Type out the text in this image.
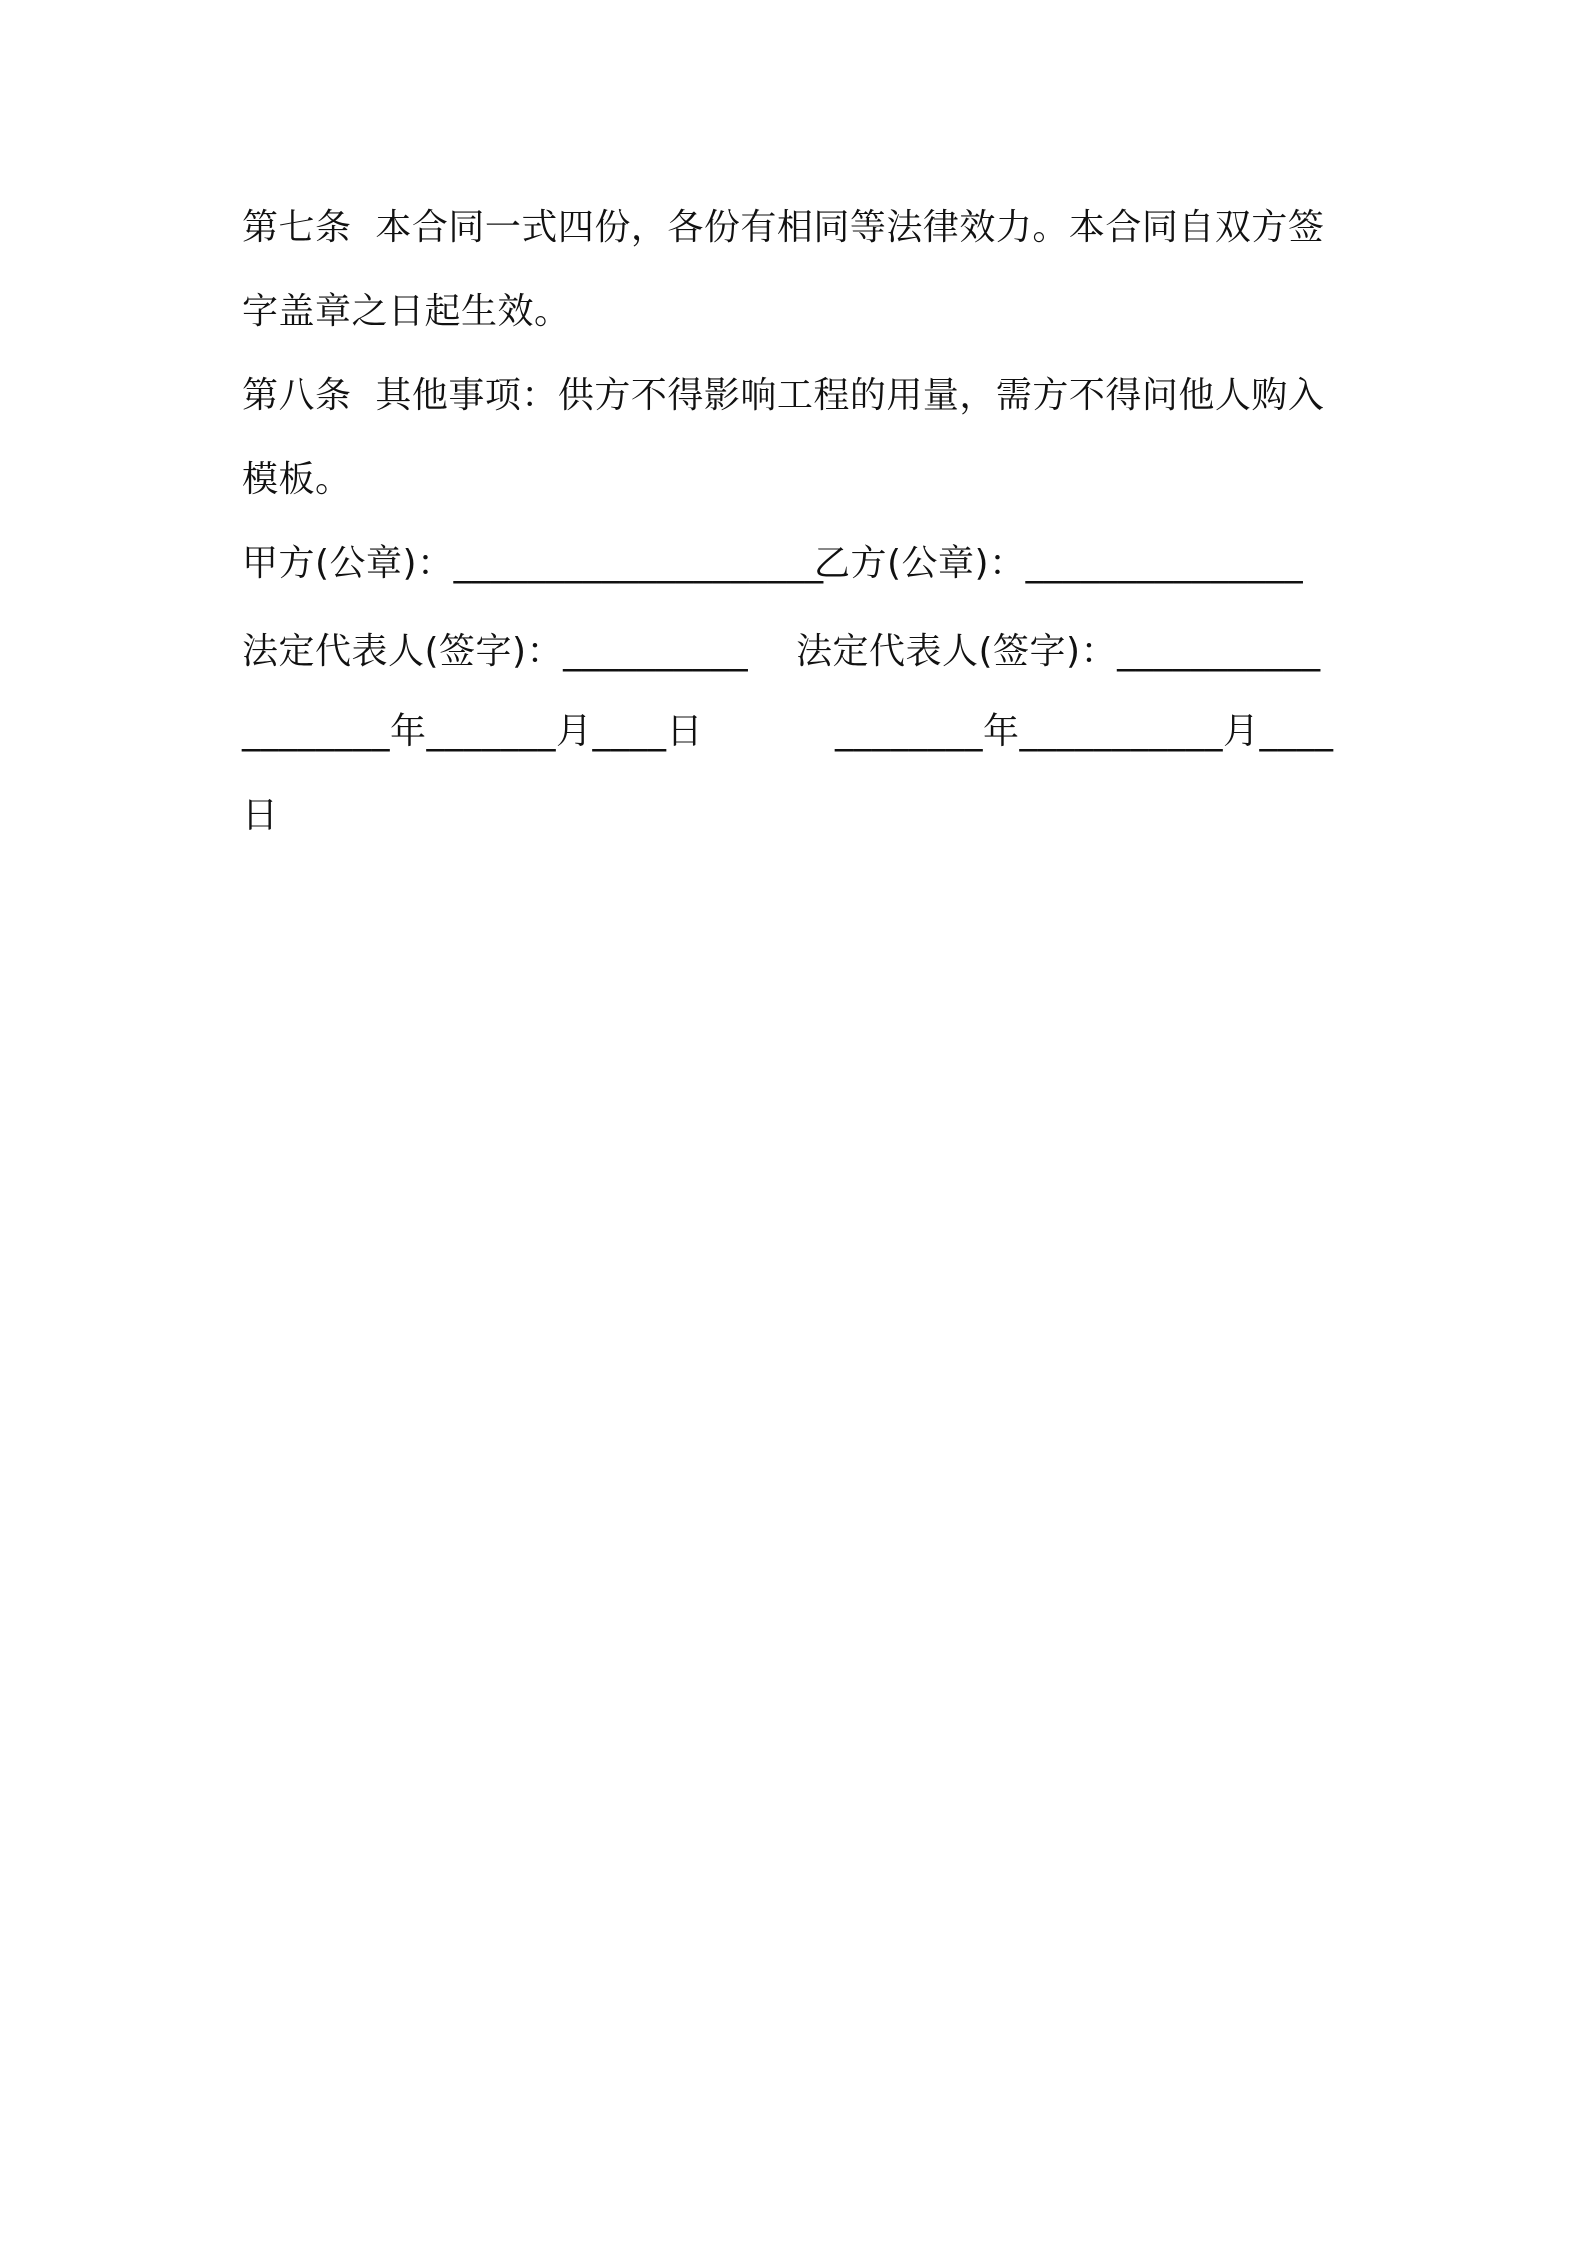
第七条  本合同一式四份，各份有相同等法律效力。本合同自双方签
字盖章之日起生效。
第八条  其他事项：供方不得影响工程的用量，需方不得问他人购入
模板。
甲方(公章)：____________________
乙方(公章)：_______________
法定代表人(签字)：__________ 法定代表人(签字)：___________
________年_______月____日	________年___________月____
日
